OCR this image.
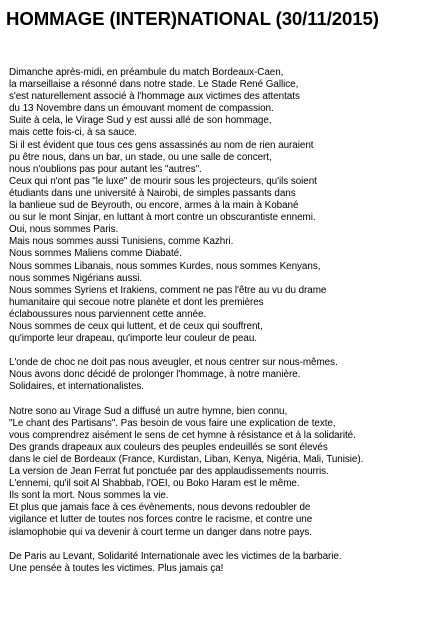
HOMMAGE (INTER)NATIONAL (30/11/2015)
Dimanche après-midi, en préambule du match Bordeaux-Caen,
la marseillaise a résonné dans notre stade. Le Stade René Gallice,
s'est naturellement associé à l'hommage aux victimes des attentats
du 13 Novembre dans un émouvant moment de compassion.
Suite à cela, le Virage Sud y est aussi allé de son hommage,
mais cette fois-ci, à sa sauce.
Si il est évident que tous ces gens assassinés au nom de rien auraient
pu être nous, dans un bar, un stade, ou une salle de concert,
nous n'oublions pas pour autant les "autres".
Ceux qui n'ont pas "le luxe" de mourir sous les projecteurs, qu'ils soient
étudiants dans une université à Nairobi, de simples passants dans
la banlieue sud de Beyrouth, ou encore, armes à la main à Kobané
ou sur le mont Sinjar, en luttant à mort contre un obscurantiste ennemi.
Oui, nous sommes Paris.
Mais nous sommes aussi Tunisiens, comme Kazhri.
Nous sommes Maliens comme Diabaté.
Nous sommes Libanais, nous sommes Kurdes, nous sommes Kenyans,
nous sommes Nigérians aussi.
Nous sommes Syriens et Irakiens, comment ne pas l'être au vu du drame
humanitaire qui secoue notre planète et dont les premières
éclaboussures nous parviennent cette année.
Nous sommes de ceux qui luttent, et de ceux qui souffrent,
qu'importe leur drapeau, qu'importe leur couleur de peau.
L'onde de choc ne doit pas nous aveugler, et nous centrer sur nous-mêmes.
Nous avons donc décidé de prolonger l'hommage, à notre manière.
Solidaires, et internationalistes.
Notre sono au Virage Sud a diffusé un autre hymne, bien connu,
"Le chant des Partisans". Pas besoin de vous faire une explication de texte,
vous comprendrez aisément le sens de cet hymne à résistance et à la solidarité.
Des grands drapeaux aux couleurs des peuples endeuillés se sont élevés
dans le ciel de Bordeaux (France, Kurdistan, Liban, Kenya, Nigéria, Mali, Tunisie).
La version de Jean Ferrat fut ponctuée par des applaudissements nourris.
L'ennemi, qu'il soit Al Shabbab, l'OEI, ou Boko Haram est le même.
Ils sont la mort. Nous sommes la vie.
Et plus que jamais face à ces évènements, nous devons redoubler de
vigilance et lutter de toutes nos forces contre le racisme, et contre une
islamophobie qui va devenir à court terme un danger dans notre pays.
De Paris au Levant, Solidarité Internationale avec les victimes de la barbarie.
Une pensée à toutes les victimes. Plus jamais ça!
